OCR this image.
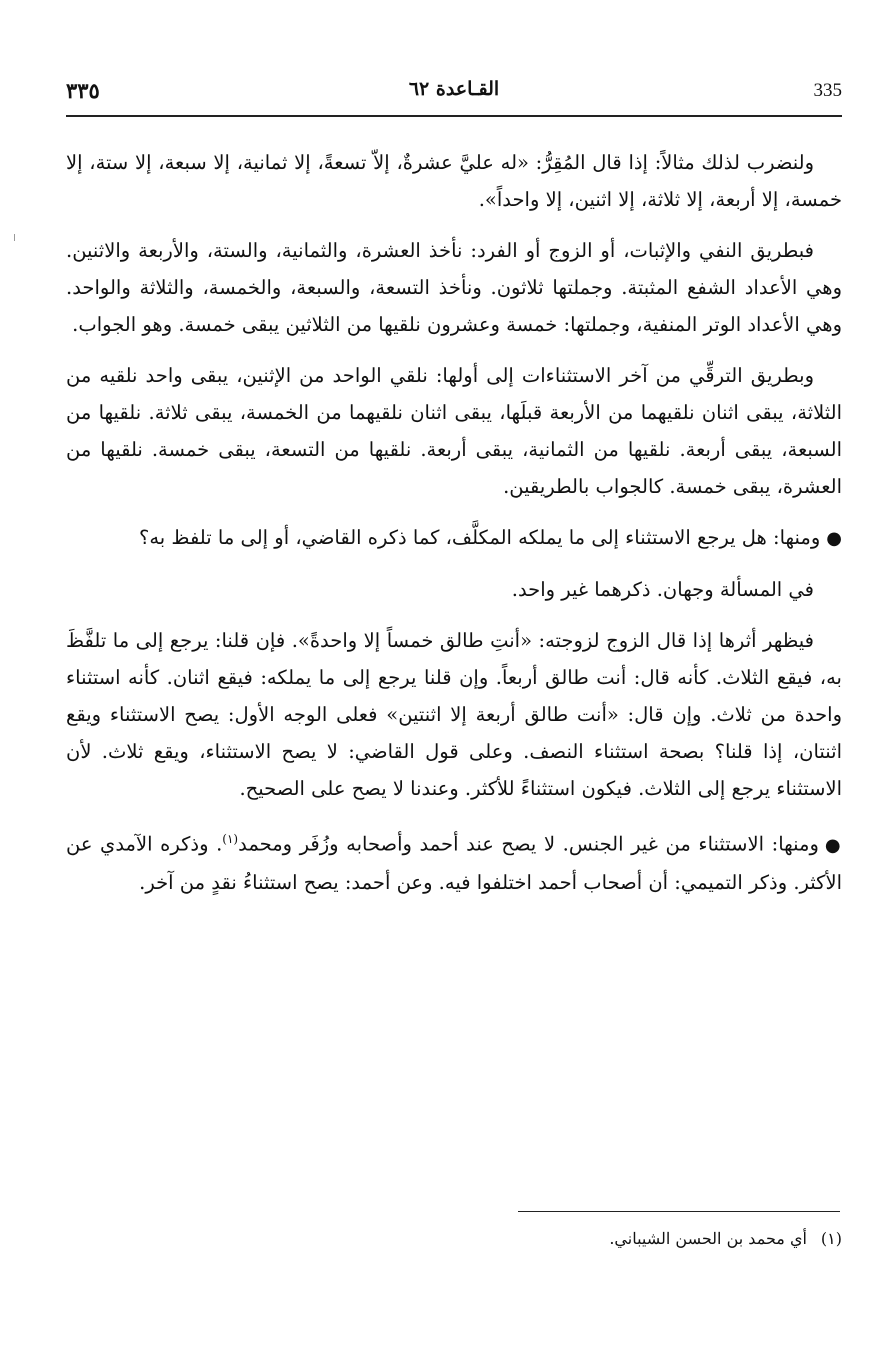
٣٣٥	القـاعدة ٦٢	335

ولنضرب لذلك مثالاً: إذا قال المُقِرُّ: «له عليَّ عشرةٌ، إلاّ تسعةً، إلا ثمانية، إلا سبعة، إلا ستة، إلا خمسة، إلا أربعة، إلا ثلاثة، إلا اثنين، إلا واحداً».

فبطريق النفي والإثبات، أو الزوج أو الفرد: نأخذ العشرة، والثمانية، والستة، والأربعة والاثنين. وهي الأعداد الشفع المثبتة. وجملتها ثلاثون. ونأخذ التسعة، والسبعة، والخمسة، والثلاثة والواحد. وهي الأعداد الوتر المنفية، وجملتها: خمسة وعشرون نلقيها من الثلاثين يبقى خمسة. وهو الجواب.

وبطريق الترقِّي من آخر الاستثناءات إلى أولها: نلقي الواحد من الإثنين، يبقى واحد نلقيه من الثلاثة، يبقى اثنان نلقيهما من الأربعة قبلَها، يبقى اثنان نلقيهما من الخمسة، يبقى ثلاثة. نلقيها من السبعة، يبقى أربعة. نلقيها من الثمانية، يبقى أربعة. نلقيها من التسعة، يبقى خمسة. نلقيها من العشرة، يبقى خمسة. كالجواب بالطريقين.

●ومنها: هل يرجع الاستثناء إلى ما يملكه المكلَّف، كما ذكره القاضي، أو إلى ما تلفظ به؟

في المسألة وجهان. ذكرهما غير واحد.

فيظهر أثرها إذا قال الزوج لزوجته: «أنتِ طالق خمساً إلا واحدةً». فإن قلنا: يرجع إلى ما تلفَّظَ به، فيقع الثلاث. كأنه قال: أنت طالق أربعاً. وإن قلنا يرجع إلى ما يملكه: فيقع اثنان. كأنه استثناء واحدة من ثلاث. وإن قال: «أنت طالق أربعة إلا اثنتين» فعلى الوجه الأول: يصح الاستثناء ويقع اثنتان، إذا قلنا؟ بصحة استثناء النصف. وعلى قول القاضي: لا يصح الاستثناء، ويقع ثلاث. لأن الاستثناء يرجع إلى الثلاث. فيكون استثناءً للأكثر. وعندنا لا يصح على الصحيح.

●ومنها: الاستثناء من غير الجنس. لا يصح عند أحمد وأصحابه وزُفَر ومحمد$^{(١)}$. وذكره الآمدي عن الأكثر. وذكر التميمي: أن أصحاب أحمد اختلفوا فيه. وعن أحمد: يصح استثناءُ نقدٍ من آخر.

(١)أي محمد بن الحسن الشيباني.
